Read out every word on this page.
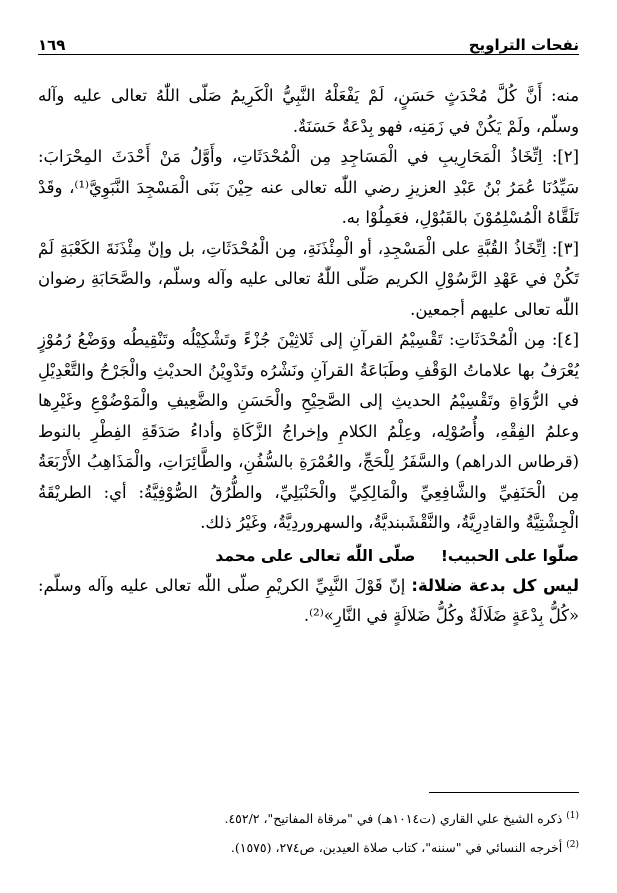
نفحات التراويح
١٦٩

منه: أَنَّ كُلَّ مُحْدَثٍ حَسَنٍ، لَمْ يَفْعَلْهُ النَّبِيُّ الْكَرِيمُ صَلّى اللّٰهُ تعالى عليه وآله وسلّم، ولَمْ يَكُنْ في زَمَنِه، فهو بِدْعَةٌ حَسَنَةٌ.

[٢]: اِتِّخَاذُ الْمَحَارِيبِ في الْمَسَاجِدِ مِن الْمُحْدَثَاتِ، وأَوَّلُ مَنْ أَحْدَثَ المِحْرَابَ: سَيِّدُنَا عُمَرُ بْنُ عَبْدِ العزيزِ رضي اللّٰه تعالى عنه حِيْنَ بَنَى الْمَسْجِدَ النَّبَوِيَّ⁽¹⁾، وقَدْ تَلَقَّاهُ الْمُسْلِمُوْنَ بالقَبُوْلِ، فعَمِلُوْا به.

[٣]: اِتِّخَاذُ القُبَّةِ على الْمَسْجِدِ، أو الْمِئْذَنَةِ، مِن الْمُحْدَثَاتِ، بل وإنّ مِئْذَنَةَ الكَعْبَةِ لَمْ تَكُنْ في عَهْدِ الرَّسُوْلِ الكريم صَلّى اللّٰهُ تعالى عليه وآله وسلّم، والصَّحَابَةِ رضوان اللّٰه تعالى عليهم أجمعين.

[٤]: مِن الْمُحْدَثَاتِ: تَقْسِيْمُ القرآنِ إلى ثَلاثِيْنَ جُزْءً وتَشْكِيْلُه وتَنْقِيطُه ووَضْعُ رُمُوْزٍ يُعْرَفُ بها علاماتُ الوَقْفِ وطَبَاعَةُ القرآنِ ونَشْرُه وتَدْوِيْنُ الحديْثِ والْجَرْحُ والتَّعْدِيْلِ في الرُّوَاةِ وتَقْسِيْمُ الحديثِ إلى الصَّحِيْحِ والْحَسَنِ والضَّعِيفِ والْمَوْضُوْعِ وغَيْرِها وعلمُ الفِقْهِ، وأُصُوْلِه، وعِلْمُ الكلامِ وإخراجُ الزَّكَاةِ وأداءُ صَدَقَةِ الفِطْرِ بالنوط (قرطاس الدراهم) والسَّفَرُ لِلْحَجِّ، والعُمْرَةِ بالسُّفُنِ، والطَّائِرَاتِ، والْمَذَاهِبُ الأَرْبَعَةُ مِن الْحَنَفِيِّ والشَّافِعِيِّ والْمَالِكِيِّ والْحَنْبَلِيِّ، والطُّرُقُ الصُّوْفِيَّةُ: أي: الطريْقَةُ الْجِشْتِيَّةُ والقادِرِيَّةُ، والنَّقْشَبنديَّةُ، والسهروردِيَّةُ، وغَيْرُ ذلك.

صلّوا على الحبيب! صلّى اللّٰه تعالى على محمد

ليس كل بدعة ضلالة: إنّ قَوْلَ النَّبِيِّ الكريْمِ صلّى اللّٰه تعالى عليه وآله وسلّم: «كُلُّ بِدْعَةٍ ضَلَالَةٌ وكُلُّ ضَلالَةٍ في النَّارِ»⁽²⁾.

$^{(1)}$ ذكره الشيخ علي القاري (ت١٠١٤هـ) في "مرقاة المفاتيح"، ٤٥٢/٢.

$^{(2)}$ أخرجه النسائي في "سننه"، كتاب صلاة العيدين، ص٢٧٤، (١٥٧٥).
